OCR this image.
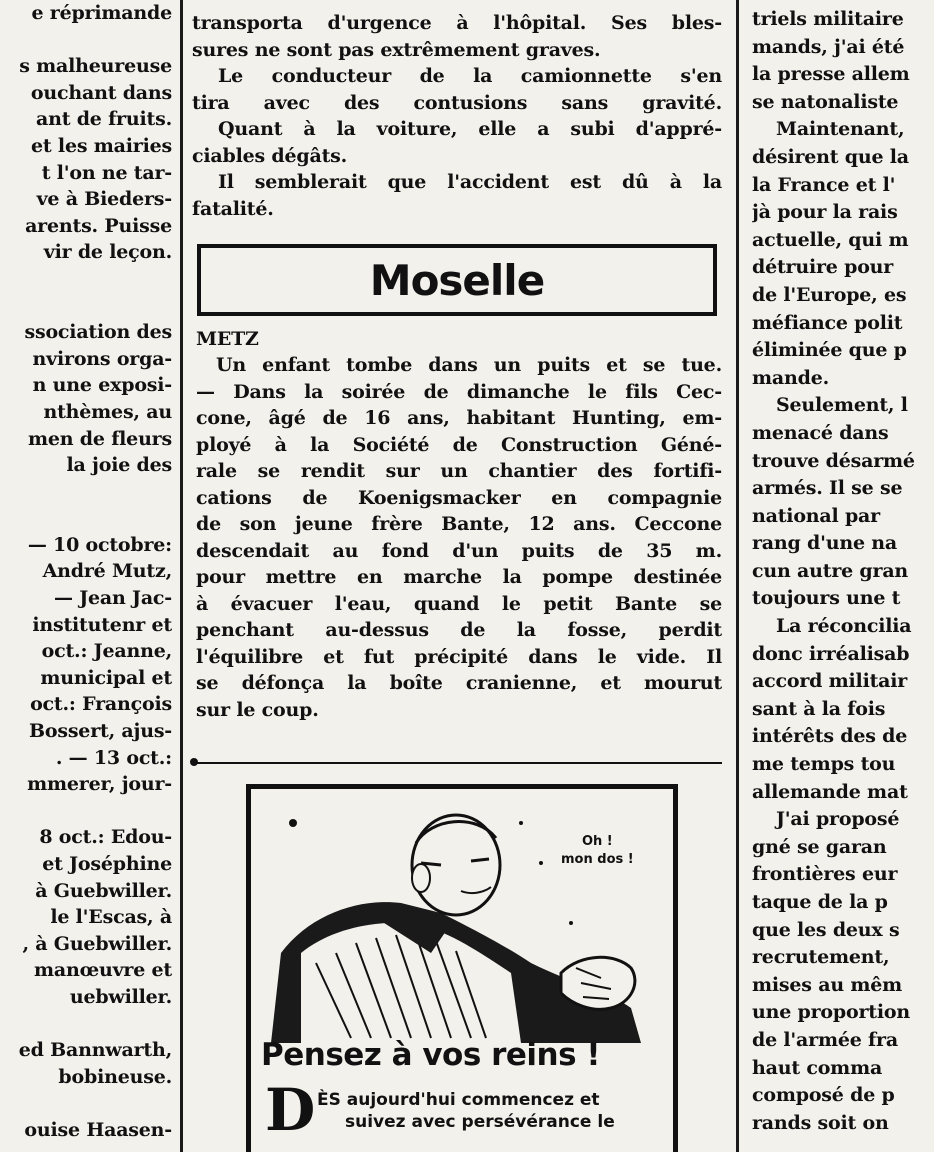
e réprimande
s malheureuse
ouchant dans
ant de fruits.
et les mairies
t l'on ne tar-
ve à Bieders-
arents. Puisse
vir de leçon.
ssociation des
nvirons orga-
n une exposi-
nthèmes, au
men de fleurs
la joie des
— 10 octobre:
André Mutz,
— Jean Jac-
institutenr et
oct.: Jeanne,
municipal et
oct.: François
Bossert, ajus-
. — 13 oct.:
mmerer, jour-
8 oct.: Edou-
et Joséphine
à Guebwiller.
le l'Escas, à
, à Guebwiller.
manœuvre et
uebwiller.
ed Bannwarth,
bobineuse.
ouise Haasen-
transporta d'urgence à l'hôpital. Ses bles-
sures ne sont pas extrêmement graves.
Le conducteur de la camionnette s'en
tira avec des contusions sans gravité.
Quant à la voiture, elle a subi d'appré-
ciables dégâts.
Il semblerait que l'accident est dû à la
fatalité.
Moselle
METZ
Un enfant tombe dans un puits et se tue.
— Dans la soirée de dimanche le fils Cec-
cone, âgé de 16 ans, habitant Hunting, em-
ployé à la Société de Construction Géné-
rale se rendit sur un chantier des fortifi-
cations de Koenigsmacker en compagnie
de son jeune frère Bante, 12 ans. Ceccone
descendait au fond d'un puits de 35 m.
pour mettre en marche la pompe destinée
à évacuer l'eau, quand le petit Bante se
penchant au-dessus de la fosse, perdit
l'équilibre et fut précipité dans le vide. Il
se défonça la boîte cranienne, et mourut
sur le coup.
Oh !
mon dos !
Pensez à vos reins !
D ÈS aujourd'hui commencez et
suivez avec persévérance le
triels militaire
mands, j'ai été
la presse allem
se natonaliste
Maintenant,
désirent que la
la France et l'
jà pour la rais
actuelle, qui m
détruire pour
de l'Europe, es
méfiance polit
éliminée que p
mande.
Seulement, l
menacé dans
trouve désarmé
armés. Il se se
national par
rang d'une na
cun autre gran
toujours une t
La réconcilia
donc irréalisab
accord militair
sant à la fois
intérêts des de
me temps tou
allemande mat
J'ai proposé
gné se garan
frontières eur
taque de la p
que les deux s
recrutement,
mises au mêm
une proportion
de l'armée fra
haut comma
composé de p
rands soit on
